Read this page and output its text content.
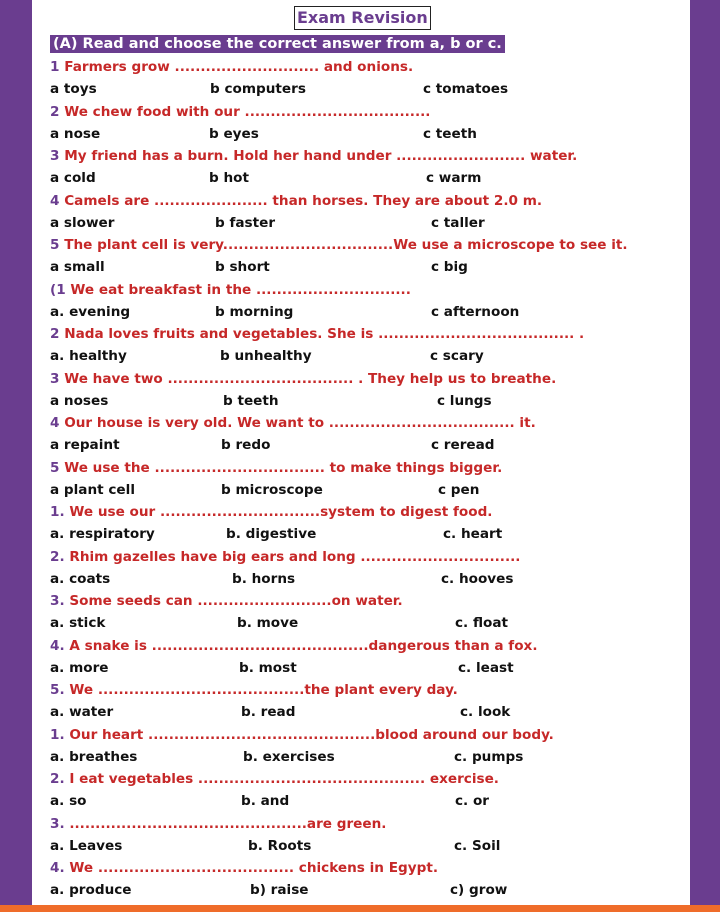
Exam Revision
(A) Read and choose the correct answer from a, b or c.
1 Farmers grow ............................ and onions.
a toys	b computers	c tomatoes
2 We chew food with our ....................................
a nose	b eyes	c teeth
3 My friend has a burn. Hold her hand under ......................... water.
a cold	b hot	c warm
4 Camels are ...................... than horses. They are about 2.0 m.
a slower	b faster	c taller
5 The plant cell is very.................................We use a microscope to see it.
a small	b short	c big
(1 We eat breakfast in the ..............................
a. evening	b morning	c afternoon
2 Nada loves fruits and vegetables. She is ...................................... .
a. healthy	b unhealthy	c scary
3 We have two .................................... . They help us to breathe.
a noses	b teeth	c lungs
4 Our house is very old. We want to .................................... it.
a repaint	b redo	c reread
5 We use the ................................. to make things bigger.
a plant cell	b microscope	c pen
1. We use our ...............................system to digest food.
a. respiratory	b. digestive	c. heart
2. Rhim gazelles have big ears and long ...............................
a. coats	b. horns	c. hooves
3. Some seeds can ..........................on water.
a. stick	b. move	c. float
4. A snake is ..........................................dangerous than a fox.
a. more	b. most	c. least
5. We ........................................the plant every day.
a. water	b. read	c. look
1. Our heart ............................................blood around our body.
a. breathes	b. exercises	c. pumps
2. I eat vegetables ............................................ exercise.
a. so	b. and	c. or
3. ..............................................are green.
a. Leaves	b. Roots	c. Soil
4. We ...................................... chickens in Egypt.
a. produce	b) raise	c) grow
